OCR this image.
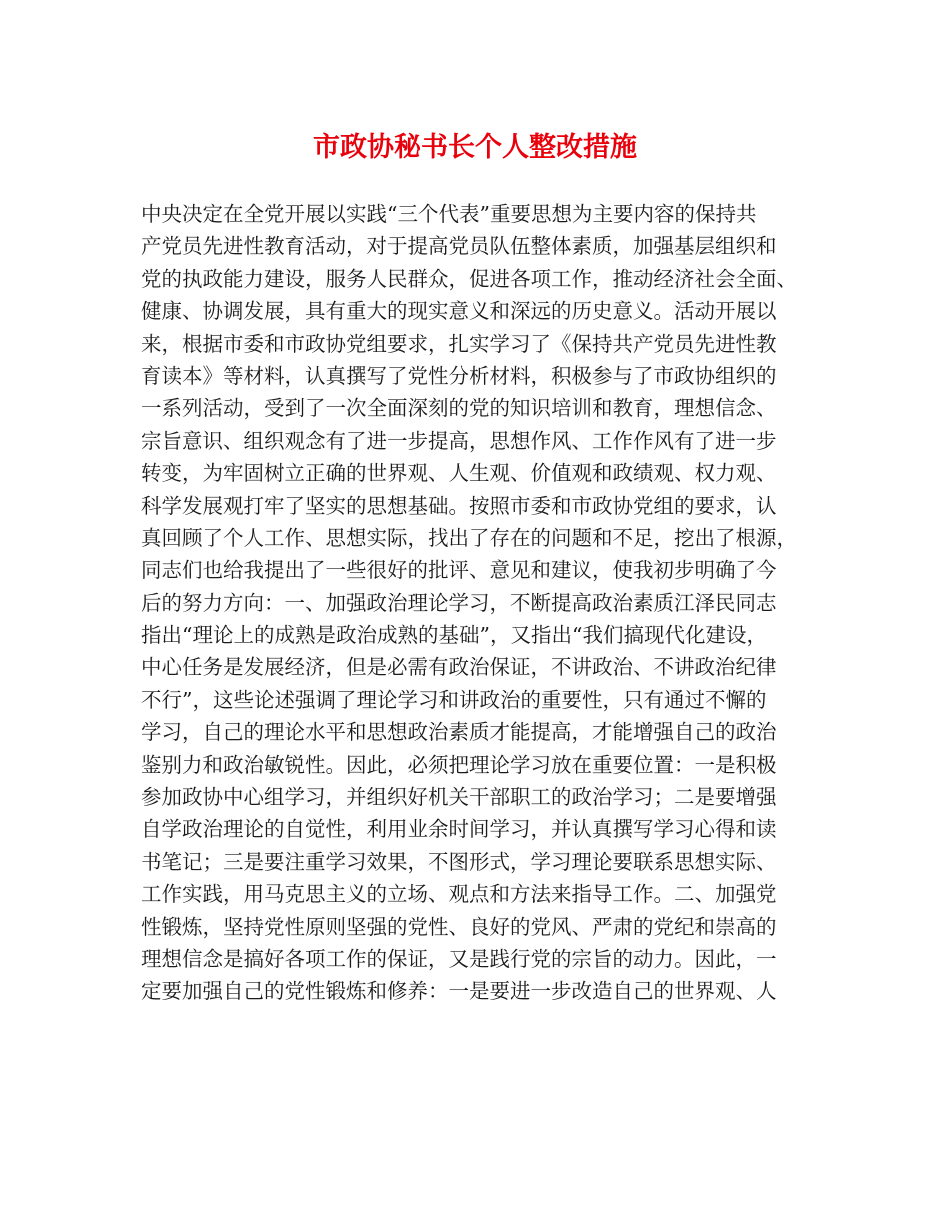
市政协秘书长个人整改措施
中央决定在全党开展以实践“三个代表”重要思想为主要内容的保持共
产党员先进性教育活动，对于提高党员队伍整体素质，加强基层组织和
党的执政能力建设，服务人民群众，促进各项工作，推动经济社会全面、
健康、协调发展，具有重大的现实意义和深远的历史意义。活动开展以
来，根据市委和市政协党组要求，扎实学习了《保持共产党员先进性教
育读本》等材料，认真撰写了党性分析材料，积极参与了市政协组织的
一系列活动，受到了一次全面深刻的党的知识培训和教育，理想信念、
宗旨意识、组织观念有了进一步提高，思想作风、工作作风有了进一步
转变，为牢固树立正确的世界观、人生观、价值观和政绩观、权力观、
科学发展观打牢了坚实的思想基础。按照市委和市政协党组的要求，认
真回顾了个人工作、思想实际，找出了存在的问题和不足，挖出了根源，
同志们也给我提出了一些很好的批评、意见和建议，使我初步明确了今
后的努力方向：一、加强政治理论学习，不断提高政治素质江泽民同志
指出“理论上的成熟是政治成熟的基础”，又指出“我们搞现代化建设，
中心任务是发展经济，但是必需有政治保证，不讲政治、不讲政治纪律
不行”，这些论述强调了理论学习和讲政治的重要性，只有通过不懈的
学习，自己的理论水平和思想政治素质才能提高，才能增强自己的政治
鉴别力和政治敏锐性。因此，必须把理论学习放在重要位置：一是积极
参加政协中心组学习，并组织好机关干部职工的政治学习；二是要增强
自学政治理论的自觉性，利用业余时间学习，并认真撰写学习心得和读
书笔记；三是要注重学习效果，不图形式，学习理论要联系思想实际、
工作实践，用马克思主义的立场、观点和方法来指导工作。二、加强党
性锻炼，坚持党性原则坚强的党性、良好的党风、严肃的党纪和崇高的
理想信念是搞好各项工作的保证，又是践行党的宗旨的动力。因此，一
定要加强自己的党性锻炼和修养：一是要进一步改造自己的世界观、人
